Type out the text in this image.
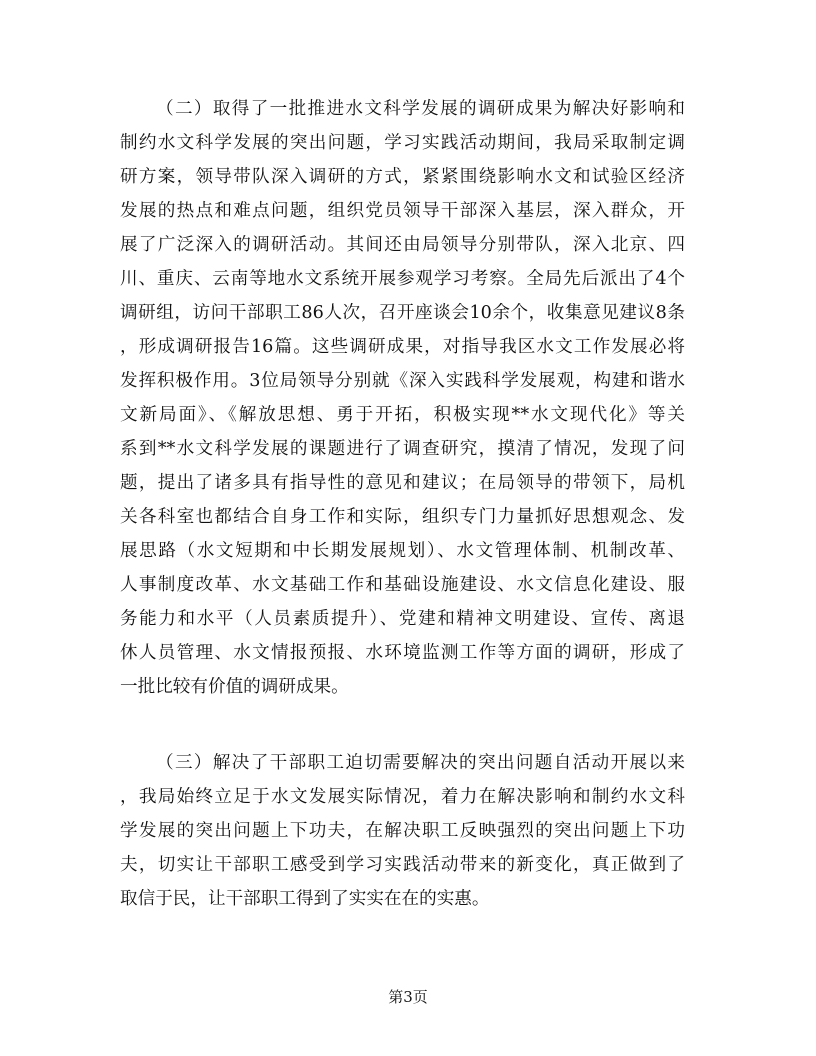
（二）取得了一批推进水文科学发展的调研成果为解决好影响和
制约水文科学发展的突出问题，学习实践活动期间，我局采取制定调
研方案，领导带队深入调研的方式，紧紧围绕影响水文和试验区经济
发展的热点和难点问题，组织党员领导干部深入基层，深入群众，开
展了广泛深入的调研活动。其间还由局领导分别带队，深入北京、四
川、重庆、云南等地水文系统开展参观学习考察。全局先后派出了4个
调研组，访问干部职工86人次，召开座谈会10余个，收集意见建议8条
，形成调研报告16篇。这些调研成果，对指导我区水文工作发展必将
发挥积极作用。3位局领导分别就《深入实践科学发展观，构建和谐水
文新局面》、《解放思想、勇于开拓，积极实现**水文现代化》等关
系到**水文科学发展的课题进行了调查研究，摸清了情况，发现了问
题，提出了诸多具有指导性的意见和建议；在局领导的带领下，局机
关各科室也都结合自身工作和实际，组织专门力量抓好思想观念、发
展思路（水文短期和中长期发展规划）、水文管理体制、机制改革、
人事制度改革、水文基础工作和基础设施建设、水文信息化建设、服
务能力和水平（人员素质提升）、党建和精神文明建设、宣传、离退
休人员管理、水文情报预报、水环境监测工作等方面的调研，形成了
一批比较有价值的调研成果。
（三）解决了干部职工迫切需要解决的突出问题自活动开展以来
，我局始终立足于水文发展实际情况，着力在解决影响和制约水文科
学发展的突出问题上下功夫，在解决职工反映强烈的突出问题上下功
夫，切实让干部职工感受到学习实践活动带来的新变化，真正做到了
取信于民，让干部职工得到了实实在在的实惠。
第3页
